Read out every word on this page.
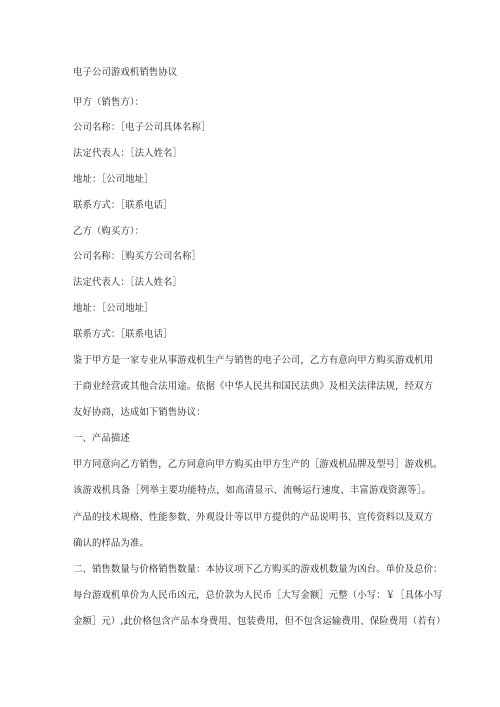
电子公司游戏机销售协议
甲方（销售方）：
公司名称：［电子公司具体名称］
法定代表人：［法人姓名］
地址：［公司地址］
联系方式：［联系电话］
乙方（购买方）：
公司名称：［购买方公司名称］
法定代表人：［法人姓名］
地址：［公司地址］
联系方式：［联系电话］
鉴于甲方是一家专业从事游戏机生产与销售的电子公司，乙方有意向甲方购买游戏机用
于商业经营或其他合法用途。依据《中华人民共和国民法典》及相关法律法规，经双方
友好协商，达成如下销售协议：
一、产品描述
甲方同意向乙方销售，乙方同意向甲方购买由甲方生产的［游戏机品牌及型号］游戏机。
该游戏机具备［列举主要功能特点，如高清显示、流畅运行速度、丰富游戏资源等］。
产品的技术规格、性能参数、外观设计等以甲方提供的产品说明书、宣传资料以及双方
确认的样品为准。
二、销售数量与价格销售数量：本协议项下乙方购买的游戏机数量为凶台。单价及总价：
每台游戏机单价为人民币凶元，总价款为人民币［大写金额］元整（小写：￥［具体小写
金额］元）,此价格包含产品本身费用、包装费用，但不包含运输费用、保险费用（若有）
